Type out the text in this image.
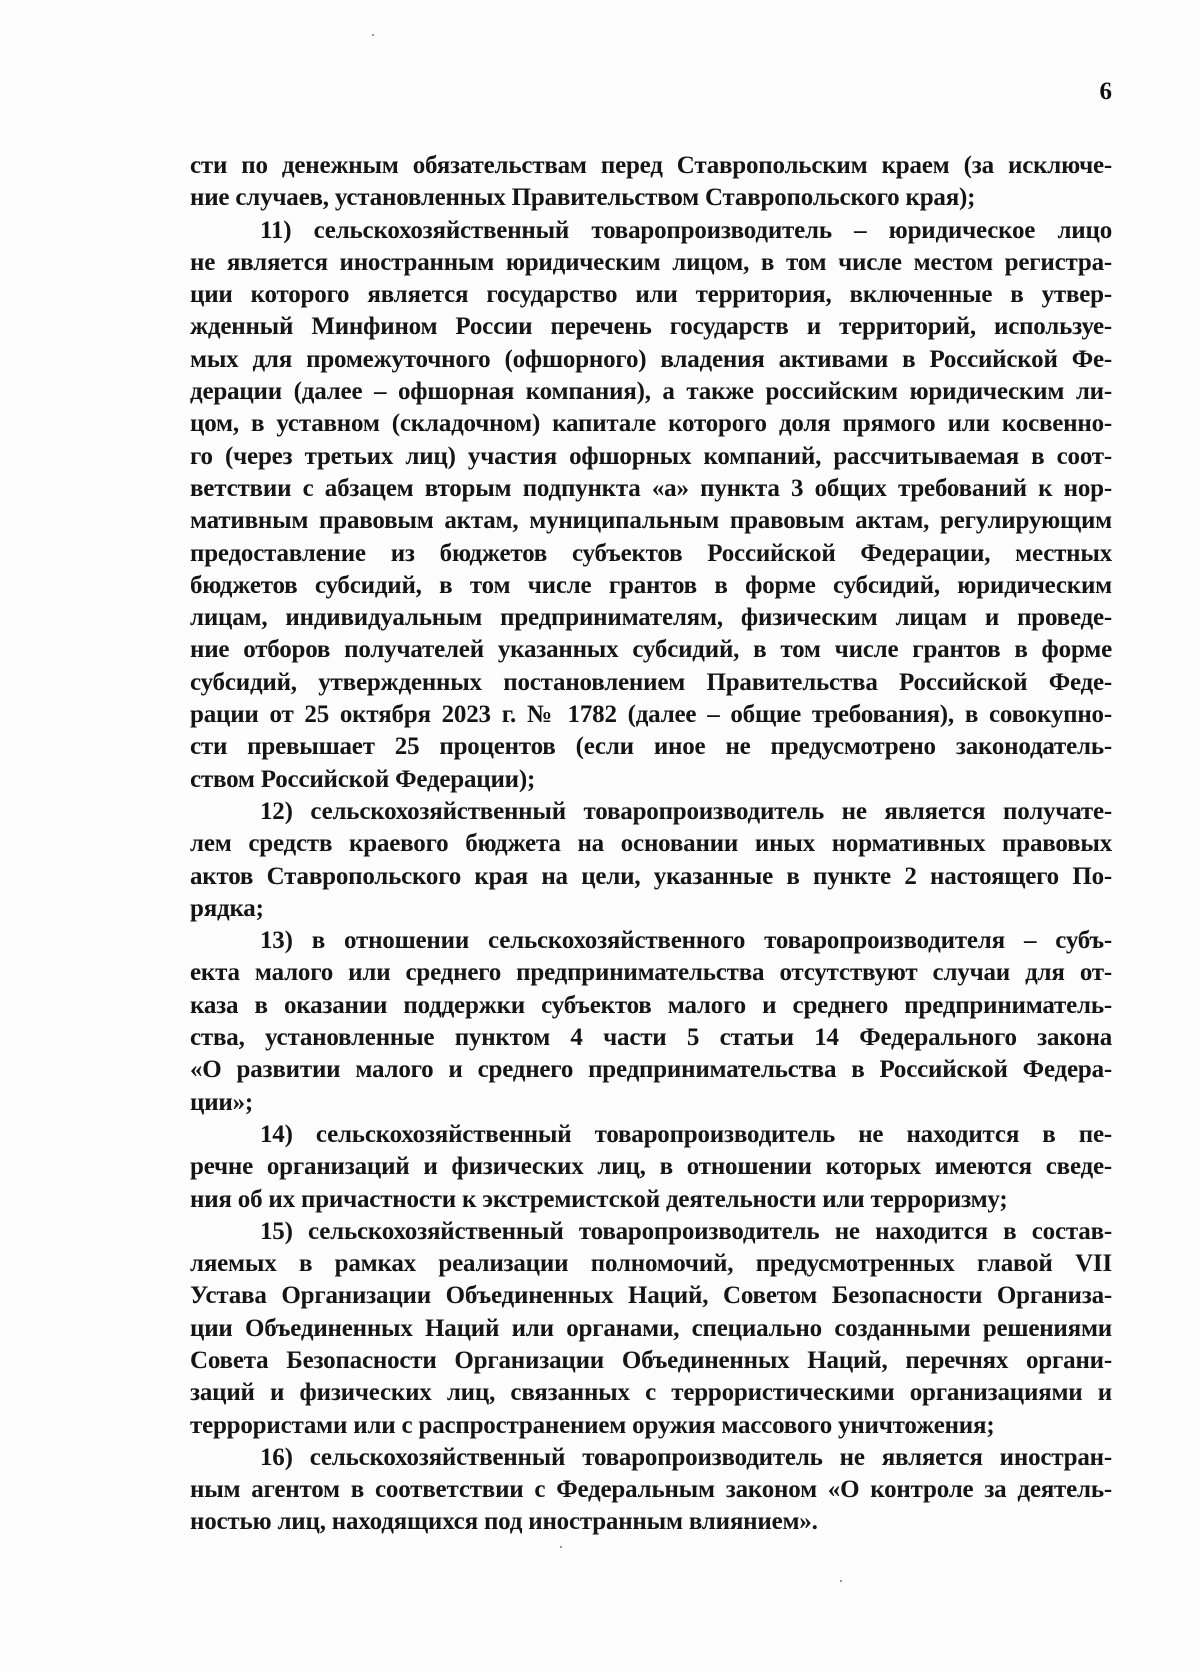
6
сти по денежным обязательствам перед Ставропольским краем (за исключе-
ние случаев, установленных Правительством Ставропольского края);
11) сельскохозяйственный товаропроизводитель – юридическое лицо
не является иностранным юридическим лицом, в том числе местом регистра-
ции которого является государство или территория, включенные в утвер-
жденный Минфином России перечень государств и территорий, используе-
мых для промежуточного (офшорного) владения активами в Российской Фе-
дерации (далее – офшорная компания), а также российским юридическим ли-
цом, в уставном (складочном) капитале которого доля прямого или косвенно-
го (через третьих лиц) участия офшорных компаний, рассчитываемая в соот-
ветствии с абзацем вторым подпункта «а» пункта 3 общих требований к нор-
мативным правовым актам, муниципальным правовым актам, регулирующим
предоставление из бюджетов субъектов Российской Федерации, местных
бюджетов субсидий, в том числе грантов в форме субсидий, юридическим
лицам, индивидуальным предпринимателям, физическим лицам и проведе-
ние отборов получателей указанных субсидий, в том числе грантов в форме
субсидий, утвержденных постановлением Правительства Российской Феде-
рации от 25 октября 2023 г. № 1782 (далее – общие требования), в совокупно-
сти превышает 25 процентов (если иное не предусмотрено законодатель-
ством Российской Федерации);
12) сельскохозяйственный товаропроизводитель не является получате-
лем средств краевого бюджета на основании иных нормативных правовых
актов Ставропольского края на цели, указанные в пункте 2 настоящего По-
рядка;
13) в отношении сельскохозяйственного товаропроизводителя – субъ-
екта малого или среднего предпринимательства отсутствуют случаи для от-
каза в оказании поддержки субъектов малого и среднего предприниматель-
ства, установленные пунктом 4 части 5 статьи 14 Федерального закона
«О развитии малого и среднего предпринимательства в Российской Федера-
ции»;
14) сельскохозяйственный товаропроизводитель не находится в пе-
речне организаций и физических лиц, в отношении которых имеются сведе-
ния об их причастности к экстремистской деятельности или терроризму;
15) сельскохозяйственный товаропроизводитель не находится в состав-
ляемых в рамках реализации полномочий, предусмотренных главой VII
Устава Организации Объединенных Наций, Советом Безопасности Организа-
ции Объединенных Наций или органами, специально созданными решениями
Совета Безопасности Организации Объединенных Наций, перечнях органи-
заций и физических лиц, связанных с террористическими организациями и
террористами или с распространением оружия массового уничтожения;
16) сельскохозяйственный товаропроизводитель не является иностран-
ным агентом в соответствии с Федеральным законом «О контроле за деятель-
ностью лиц, находящихся под иностранным влиянием».
